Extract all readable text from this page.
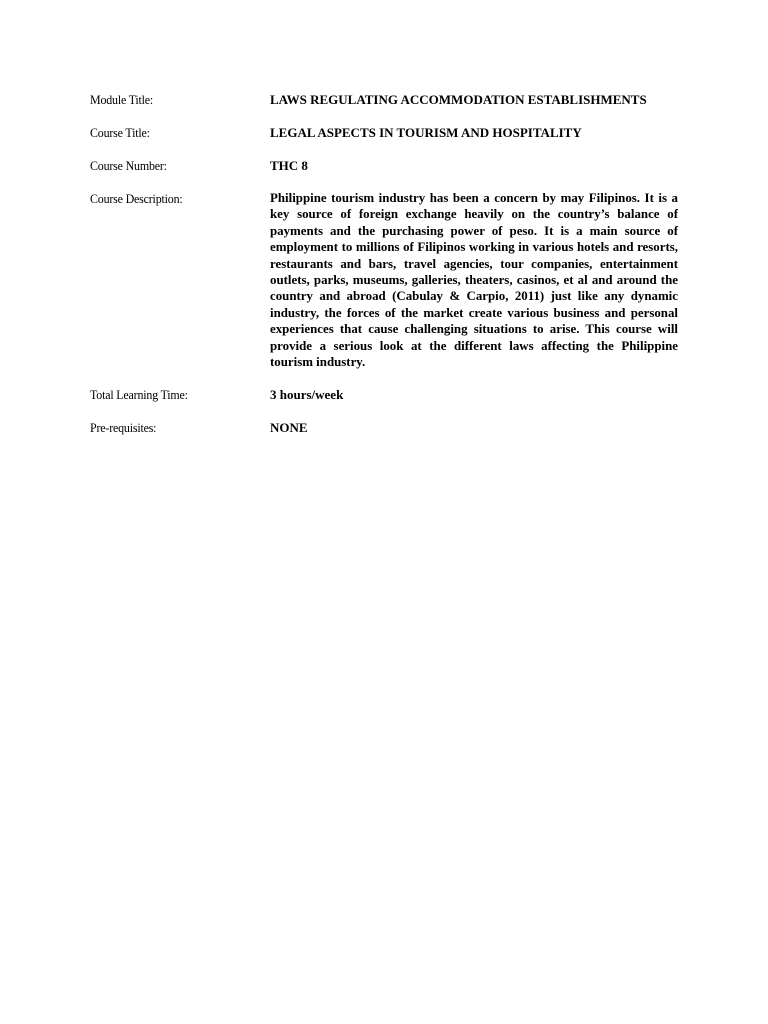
Module Title:	LAWS REGULATING ACCOMMODATION ESTABLISHMENTS
Course Title:	LEGAL ASPECTS IN TOURISM AND HOSPITALITY
Course Number:	THC 8
Course Description:	Philippine tourism industry has been a concern by may Filipinos. It is a key source of foreign exchange heavily on the country’s balance of payments and the purchasing power of peso. It is a main source of employment to millions of Filipinos working in various hotels and resorts, restaurants and bars, travel agencies, tour companies, entertainment outlets, parks, museums, galleries, theaters, casinos, et al and around the country and abroad (Cabulay & Carpio, 2011) just like any dynamic industry, the forces of the market create various business and personal experiences that cause challenging situations to arise. This course will provide a serious look at the different laws affecting the Philippine tourism industry.
Total Learning Time:	3 hours/week
Pre-requisites:	NONE
